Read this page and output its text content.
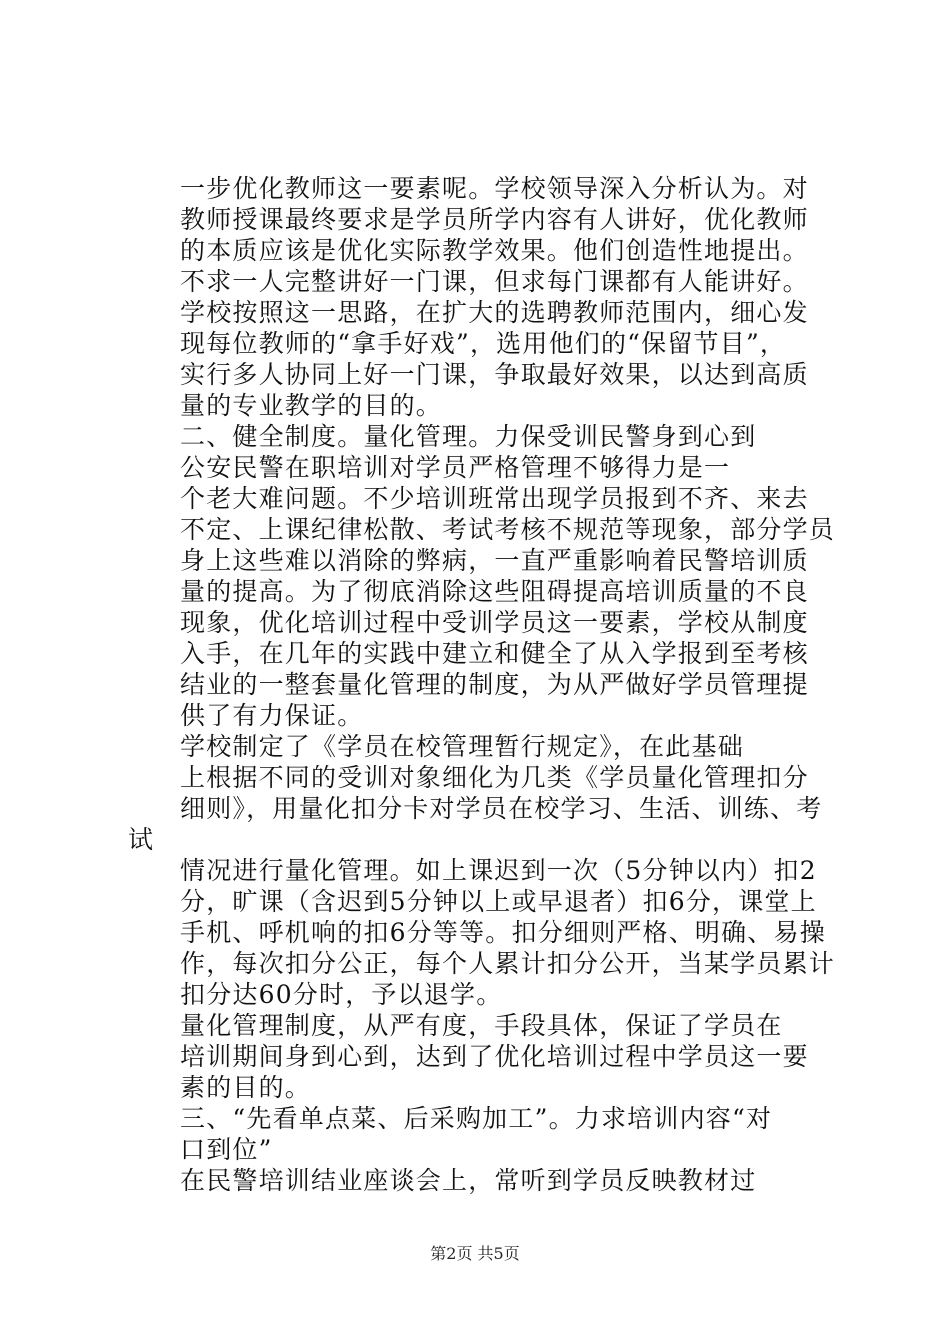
一步优化教师这一要素呢。学校领导深入分析认为。对
教师授课最终要求是学员所学内容有人讲好，优化教师
的本质应该是优化实际教学效果。他们创造性地提出。
不求一人完整讲好一门课，但求每门课都有人能讲好。
学校按照这一思路，在扩大的选聘教师范围内，细心发
现每位教师的“拿手好戏”，选用他们的“保留节目”，
实行多人协同上好一门课，争取最好效果，以达到高质
量的专业教学的目的。
二、健全制度。量化管理。力保受训民警身到心到
公安民警在职培训对学员严格管理不够得力是一
个老大难问题。不少培训班常出现学员报到不齐、来去
不定、上课纪律松散、考试考核不规范等现象，部分学员
身上这些难以消除的弊病，一直严重影响着民警培训质
量的提高。为了彻底消除这些阻碍提高培训质量的不良
现象，优化培训过程中受训学员这一要素，学校从制度
入手，在几年的实践中建立和健全了从入学报到至考核
结业的一整套量化管理的制度，为从严做好学员管理提
供了有力保证。
学校制定了《学员在校管理暂行规定》，在此基础
上根据不同的受训对象细化为几类《学员量化管理扣分
细则》，用量化扣分卡对学员在校学习、生活、训练、考
试
情况进行量化管理。如上课迟到一次（5分钟以内）扣2
分，旷课（含迟到5分钟以上或早退者）扣6分，课堂上
手机、呼机响的扣6分等等。扣分细则严格、明确、易操
作，每次扣分公正，每个人累计扣分公开，当某学员累计
扣分达60分时，予以退学。
量化管理制度，从严有度，手段具体，保证了学员在
培训期间身到心到，达到了优化培训过程中学员这一要
素的目的。
三、“先看单点菜、后采购加工”。力求培训内容“对
口到位”
第2页 共5页
在民警培训结业座谈会上，常听到学员反映教材过
